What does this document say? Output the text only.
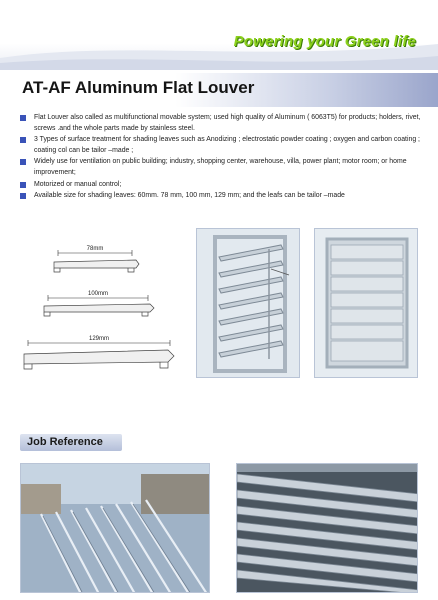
Powering your Green life
AT-AF Aluminum Flat Louver
Flat Louver also called as multifunctional movable system; used high quality of Aluminum ( 6063T5) for products; holders, rivet, screws .and the whole parts made by stainless steel.
3 Types of surface treatment for shading leaves such as Anodizing ; electrostatic powder coating ; oxygen and carbon coating ; coating col can be tailor –made ;
Widely use for ventilation on public building; industry, shopping center, warehouse, villa, power plant; motor room; or home improvement;
Motorized or manual control;
Available size for shading leaves: 60mm. 78 mm, 100 mm, 129 mm; and the leafs can be tailor –made
78mm
100mm
129mm
Job Reference
